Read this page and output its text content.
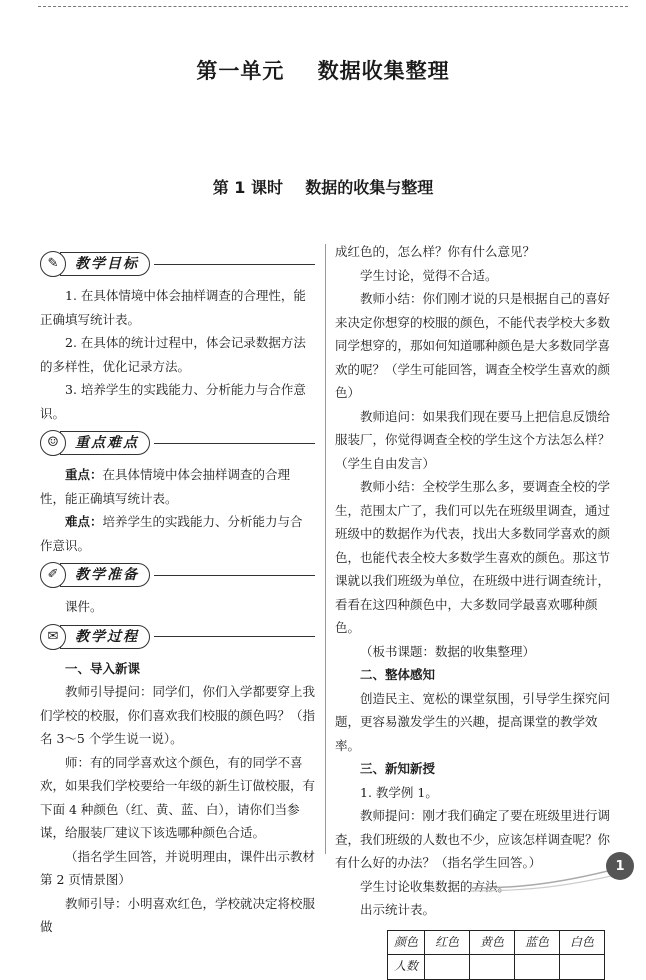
第一单元    数据收集整理
第 1 课时    数据的收集与整理
✎	教学目标

1. 在具体情境中体会抽样调查的合理性，能正确填写统计表。

2. 在具体的统计过程中，体会记录数据方法的多样性，优化记录方法。

3. 培养学生的实践能力、分析能力与合作意识。

☺	重点难点

重点：在具体情境中体会抽样调查的合理性，能正确填写统计表。

难点：培养学生的实践能力、分析能力与合作意识。

✐	教学准备

课件。

✉	教学过程

一、导入新课

教师引导提问：同学们，你们入学都要穿上我们学校的校服，你们喜欢我们校服的颜色吗？（指名 3～5 个学生说一说）。

师：有的同学喜欢这个颜色，有的同学不喜欢，如果我们学校要给一年级的新生订做校服，有下面 4 种颜色（红、黄、蓝、白），请你们当参谋，给服装厂建议下该选哪种颜色合适。

（指名学生回答，并说明理由，课件出示教材第 2 页情景图）

教师引导：小明喜欢红色，学校就决定将校服做

成红色的，怎么样？你有什么意见？

学生讨论，觉得不合适。

教师小结：你们刚才说的只是根据自己的喜好来决定你想穿的校服的颜色，不能代表学校大多数同学想穿的，那如何知道哪种颜色是大多数同学喜欢的呢？（学生可能回答，调查全校学生喜欢的颜色）

教师追问：如果我们现在要马上把信息反馈给服装厂，你觉得调查全校的学生这个方法怎么样？（学生自由发言）

教师小结：全校学生那么多，要调查全校的学生，范围太广了，我们可以先在班级里调查，通过班级中的数据作为代表，找出大多数同学喜欢的颜色，也能代表全校大多数学生喜欢的颜色。那这节课就以我们班级为单位，在班级中进行调查统计，看看在这四种颜色中，大多数同学最喜欢哪种颜色。

（板书课题：数据的收集整理）

二、整体感知

创造民主、宽松的课堂氛围，引导学生探究问题，更容易激发学生的兴趣，提高课堂的教学效率。

三、新知新授

1. 教学例 1。

教师提问：刚才我们确定了要在班级里进行调查，我们班级的人数也不少，应该怎样调查呢？你有什么好的办法？（指名学生回答。）

学生讨论收集数据的方法。

出示统计表。

颜色	红色	黄色	蓝色	白色
人数				
1
